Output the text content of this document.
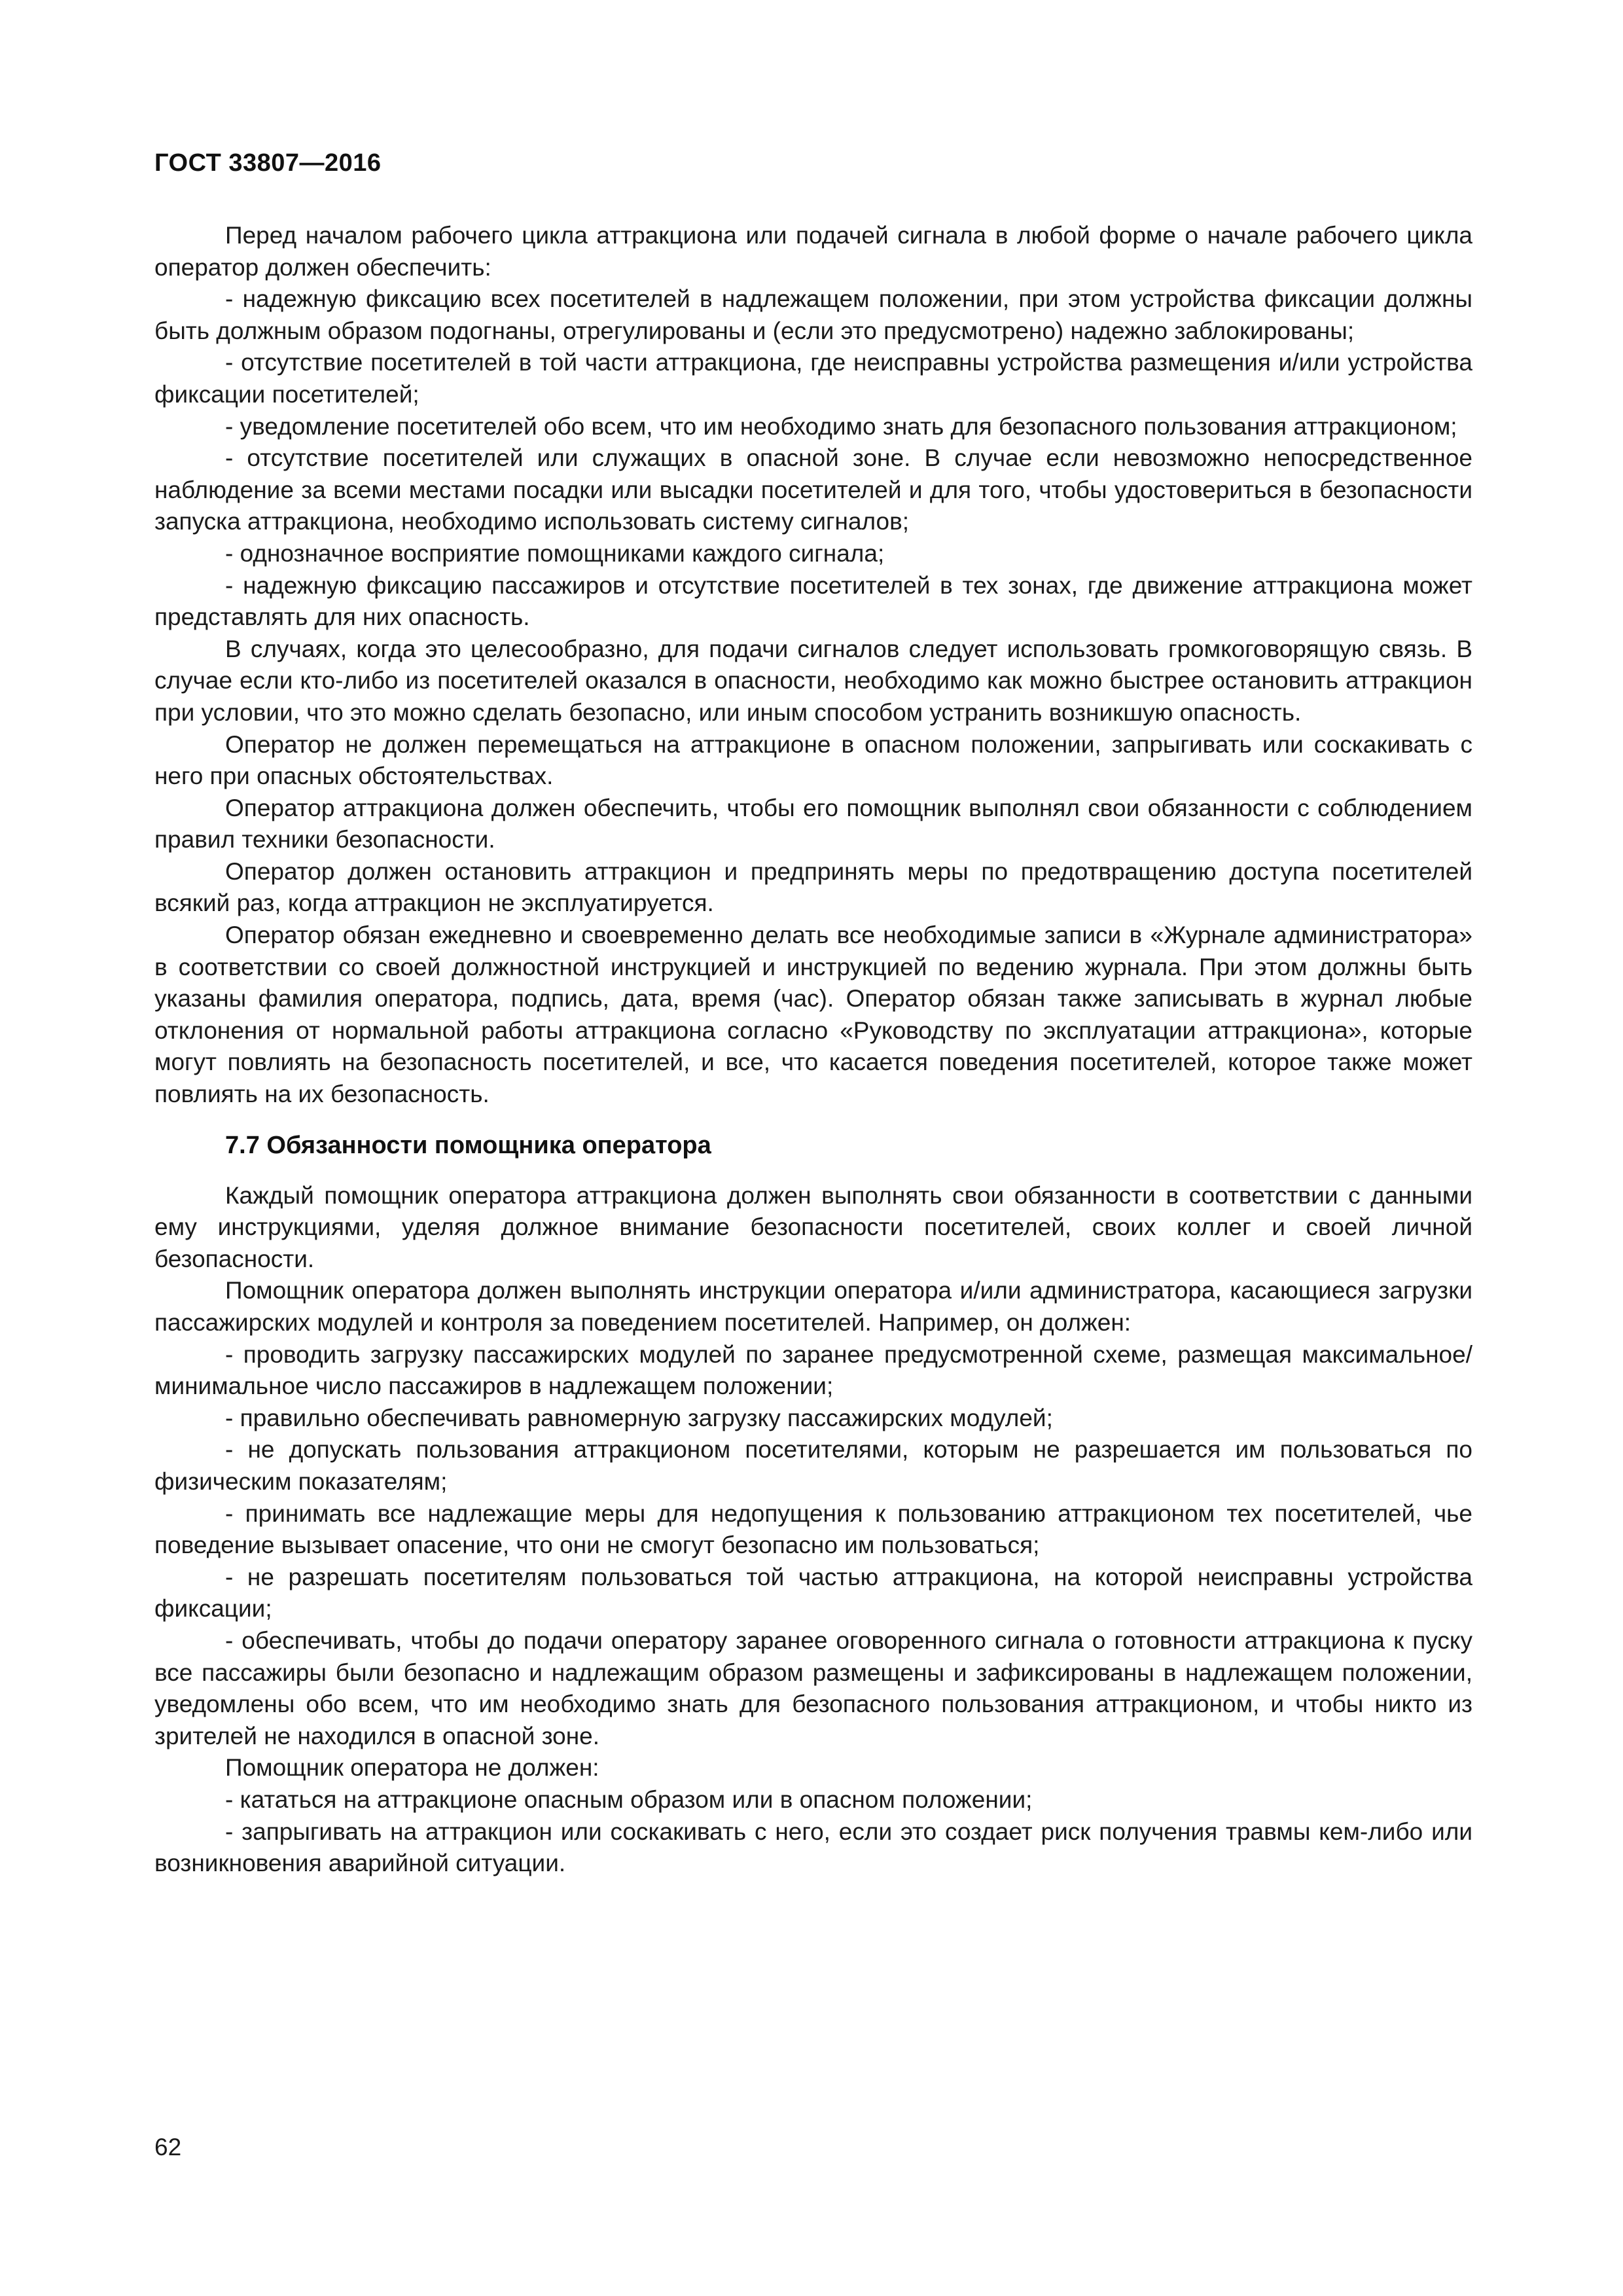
ГОСТ 33807—2016

Перед началом рабочего цикла аттракциона или подачей сигнала в любой форме о начале рабочего цикла оператор должен обеспечить:

- надежную фиксацию всех посетителей в надлежащем положении, при этом устройства фиксации должны быть должным образом подогнаны, отрегулированы и (если это предусмотрено) надежно заблокированы;

- отсутствие посетителей в той части аттракциона, где неисправны устройства размещения и/или устройства фиксации посетителей;

- уведомление посетителей обо всем, что им необходимо знать для безопасного пользования аттракционом;

- отсутствие посетителей или служащих в опасной зоне. В случае если невозможно непосредственное наблюдение за всеми местами посадки или высадки посетителей и для того, чтобы удостовериться в безопасности запуска аттракциона, необходимо использовать систему сигналов;

- однозначное восприятие помощниками каждого сигнала;

- надежную фиксацию пассажиров и отсутствие посетителей в тех зонах, где движение аттракциона может представлять для них опасность.

В случаях, когда это целесообразно, для подачи сигналов следует использовать громкоговорящую связь. В случае если кто-либо из посетителей оказался в опасности, необходимо как можно быстрее остановить аттракцион при условии, что это можно сделать безопасно, или иным способом устранить возникшую опасность.

Оператор не должен перемещаться на аттракционе в опасном положении, запрыгивать или соскакивать с него при опасных обстоятельствах.

Оператор аттракциона должен обеспечить, чтобы его помощник выполнял свои обязанности с соблюдением правил техники безопасности.

Оператор должен остановить аттракцион и предпринять меры по предотвращению доступа посетителей всякий раз, когда аттракцион не эксплуатируется.

Оператор обязан ежедневно и своевременно делать все необходимые записи в «Журнале администратора» в соответствии со своей должностной инструкцией и инструкцией по ведению журнала. При этом должны быть указаны фамилия оператора, подпись, дата, время (час). Оператор обязан также записывать в журнал любые отклонения от нормальной работы аттракциона согласно «Руководству по эксплуатации аттракциона», которые могут повлиять на безопасность посетителей, и все, что касается поведения посетителей, которое также может повлиять на их безопасность.

7.7 Обязанности помощника оператора

Каждый помощник оператора аттракциона должен выполнять свои обязанности в соответствии с данными ему инструкциями, уделяя должное внимание безопасности посетителей, своих коллег и своей личной безопасности.

Помощник оператора должен выполнять инструкции оператора и/или администратора, касающиеся загрузки пассажирских модулей и контроля за поведением посетителей. Например, он должен:

- проводить загрузку пассажирских модулей по заранее предусмотренной схеме, размещая максимальное/минимальное число пассажиров в надлежащем положении;

- правильно обеспечивать равномерную загрузку пассажирских модулей;

- не допускать пользования аттракционом посетителями, которым не разрешается им пользоваться по физическим показателям;

- принимать все надлежащие меры для недопущения к пользованию аттракционом тех посетителей, чье поведение вызывает опасение, что они не смогут безопасно им пользоваться;

- не разрешать посетителям пользоваться той частью аттракциона, на которой неисправны устройства фиксации;

- обеспечивать, чтобы до подачи оператору заранее оговоренного сигнала о готовности аттракциона к пуску все пассажиры были безопасно и надлежащим образом размещены и зафиксированы в надлежащем положении, уведомлены обо всем, что им необходимо знать для безопасного пользования аттракционом, и чтобы никто из зрителей не находился в опасной зоне.

Помощник оператора не должен:

- кататься на аттракционе опасным образом или в опасном положении;

- запрыгивать на аттракцион или соскакивать с него, если это создает риск получения травмы кем-либо или возникновения аварийной ситуации.

62
